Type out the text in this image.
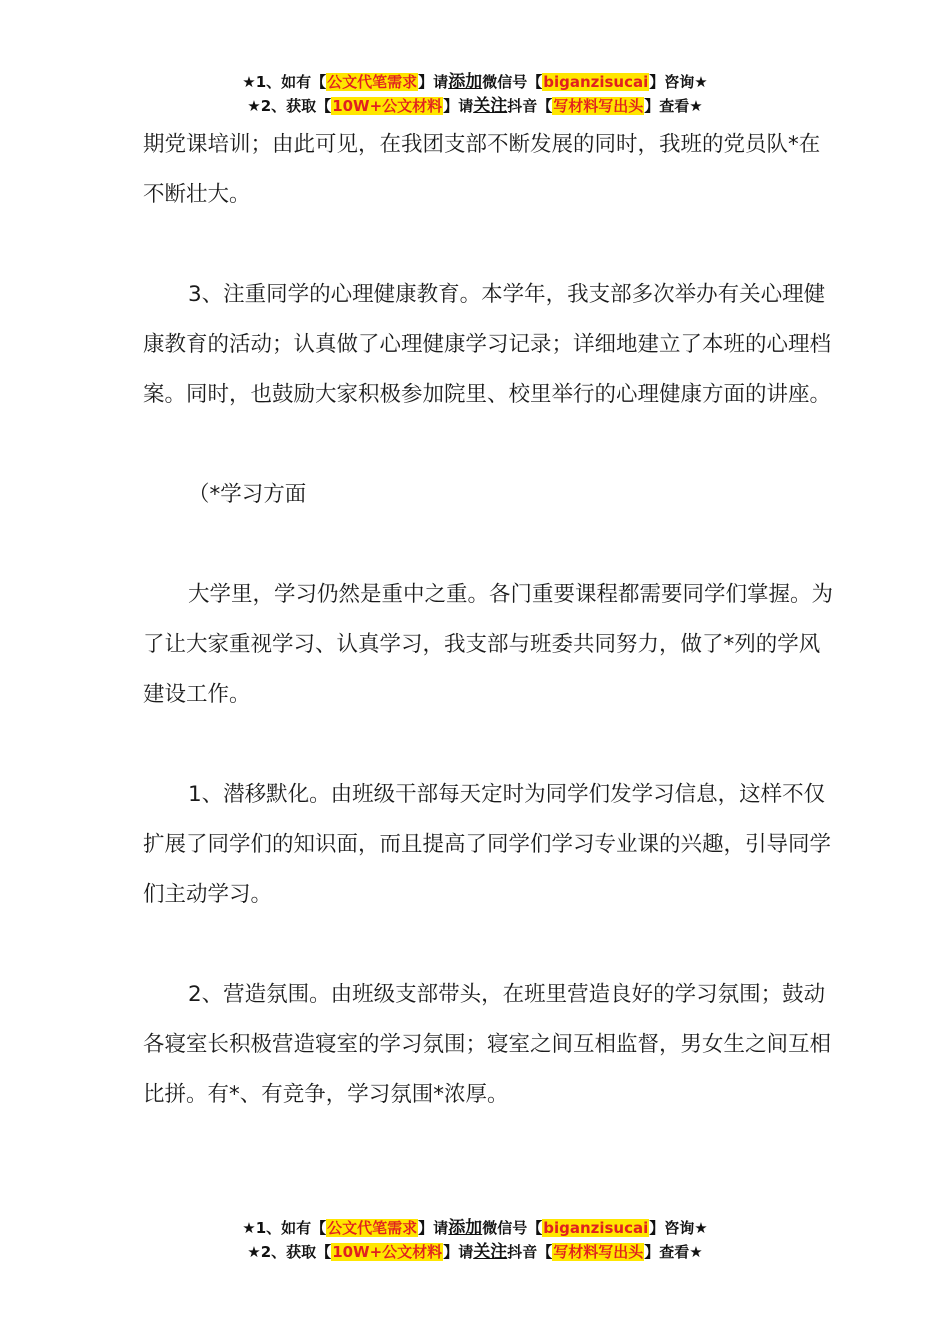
★1、如有【公文代笔需求】请添加微信号【biganzisucai】咨询★
★2、获取【10W+公文材料】请关注抖音【写材料写出头】查看★

期党课培训；由此可见，在我团支部不断发展的同时，我班的党员队*在不断壮大。

3、注重同学的心理健康教育。本学年，我支部多次举办有关心理健康教育的活动；认真做了心理健康学习记录；详细地建立了本班的心理档案。同时，也鼓励大家积极参加院里、校里举行的心理健康方面的讲座。

（*学习方面

大学里，学习仍然是重中之重。各门重要课程都需要同学们掌握。为了让大家重视学习、认真学习，我支部与班委共同努力，做了*列的学风建设工作。

1、潜移默化。由班级干部每天定时为同学们发学习信息，这样不仅扩展了同学们的知识面，而且提高了同学们学习专业课的兴趣，引导同学们主动学习。

2、营造氛围。由班级支部带头，在班里营造良好的学习氛围；鼓动各寝室长积极营造寝室的学习氛围；寝室之间互相监督，男女生之间互相比拼。有*、有竞争，学习氛围*浓厚。

★1、如有【公文代笔需求】请添加微信号【biganzisucai】咨询★
★2、获取【10W+公文材料】请关注抖音【写材料写出头】查看★
